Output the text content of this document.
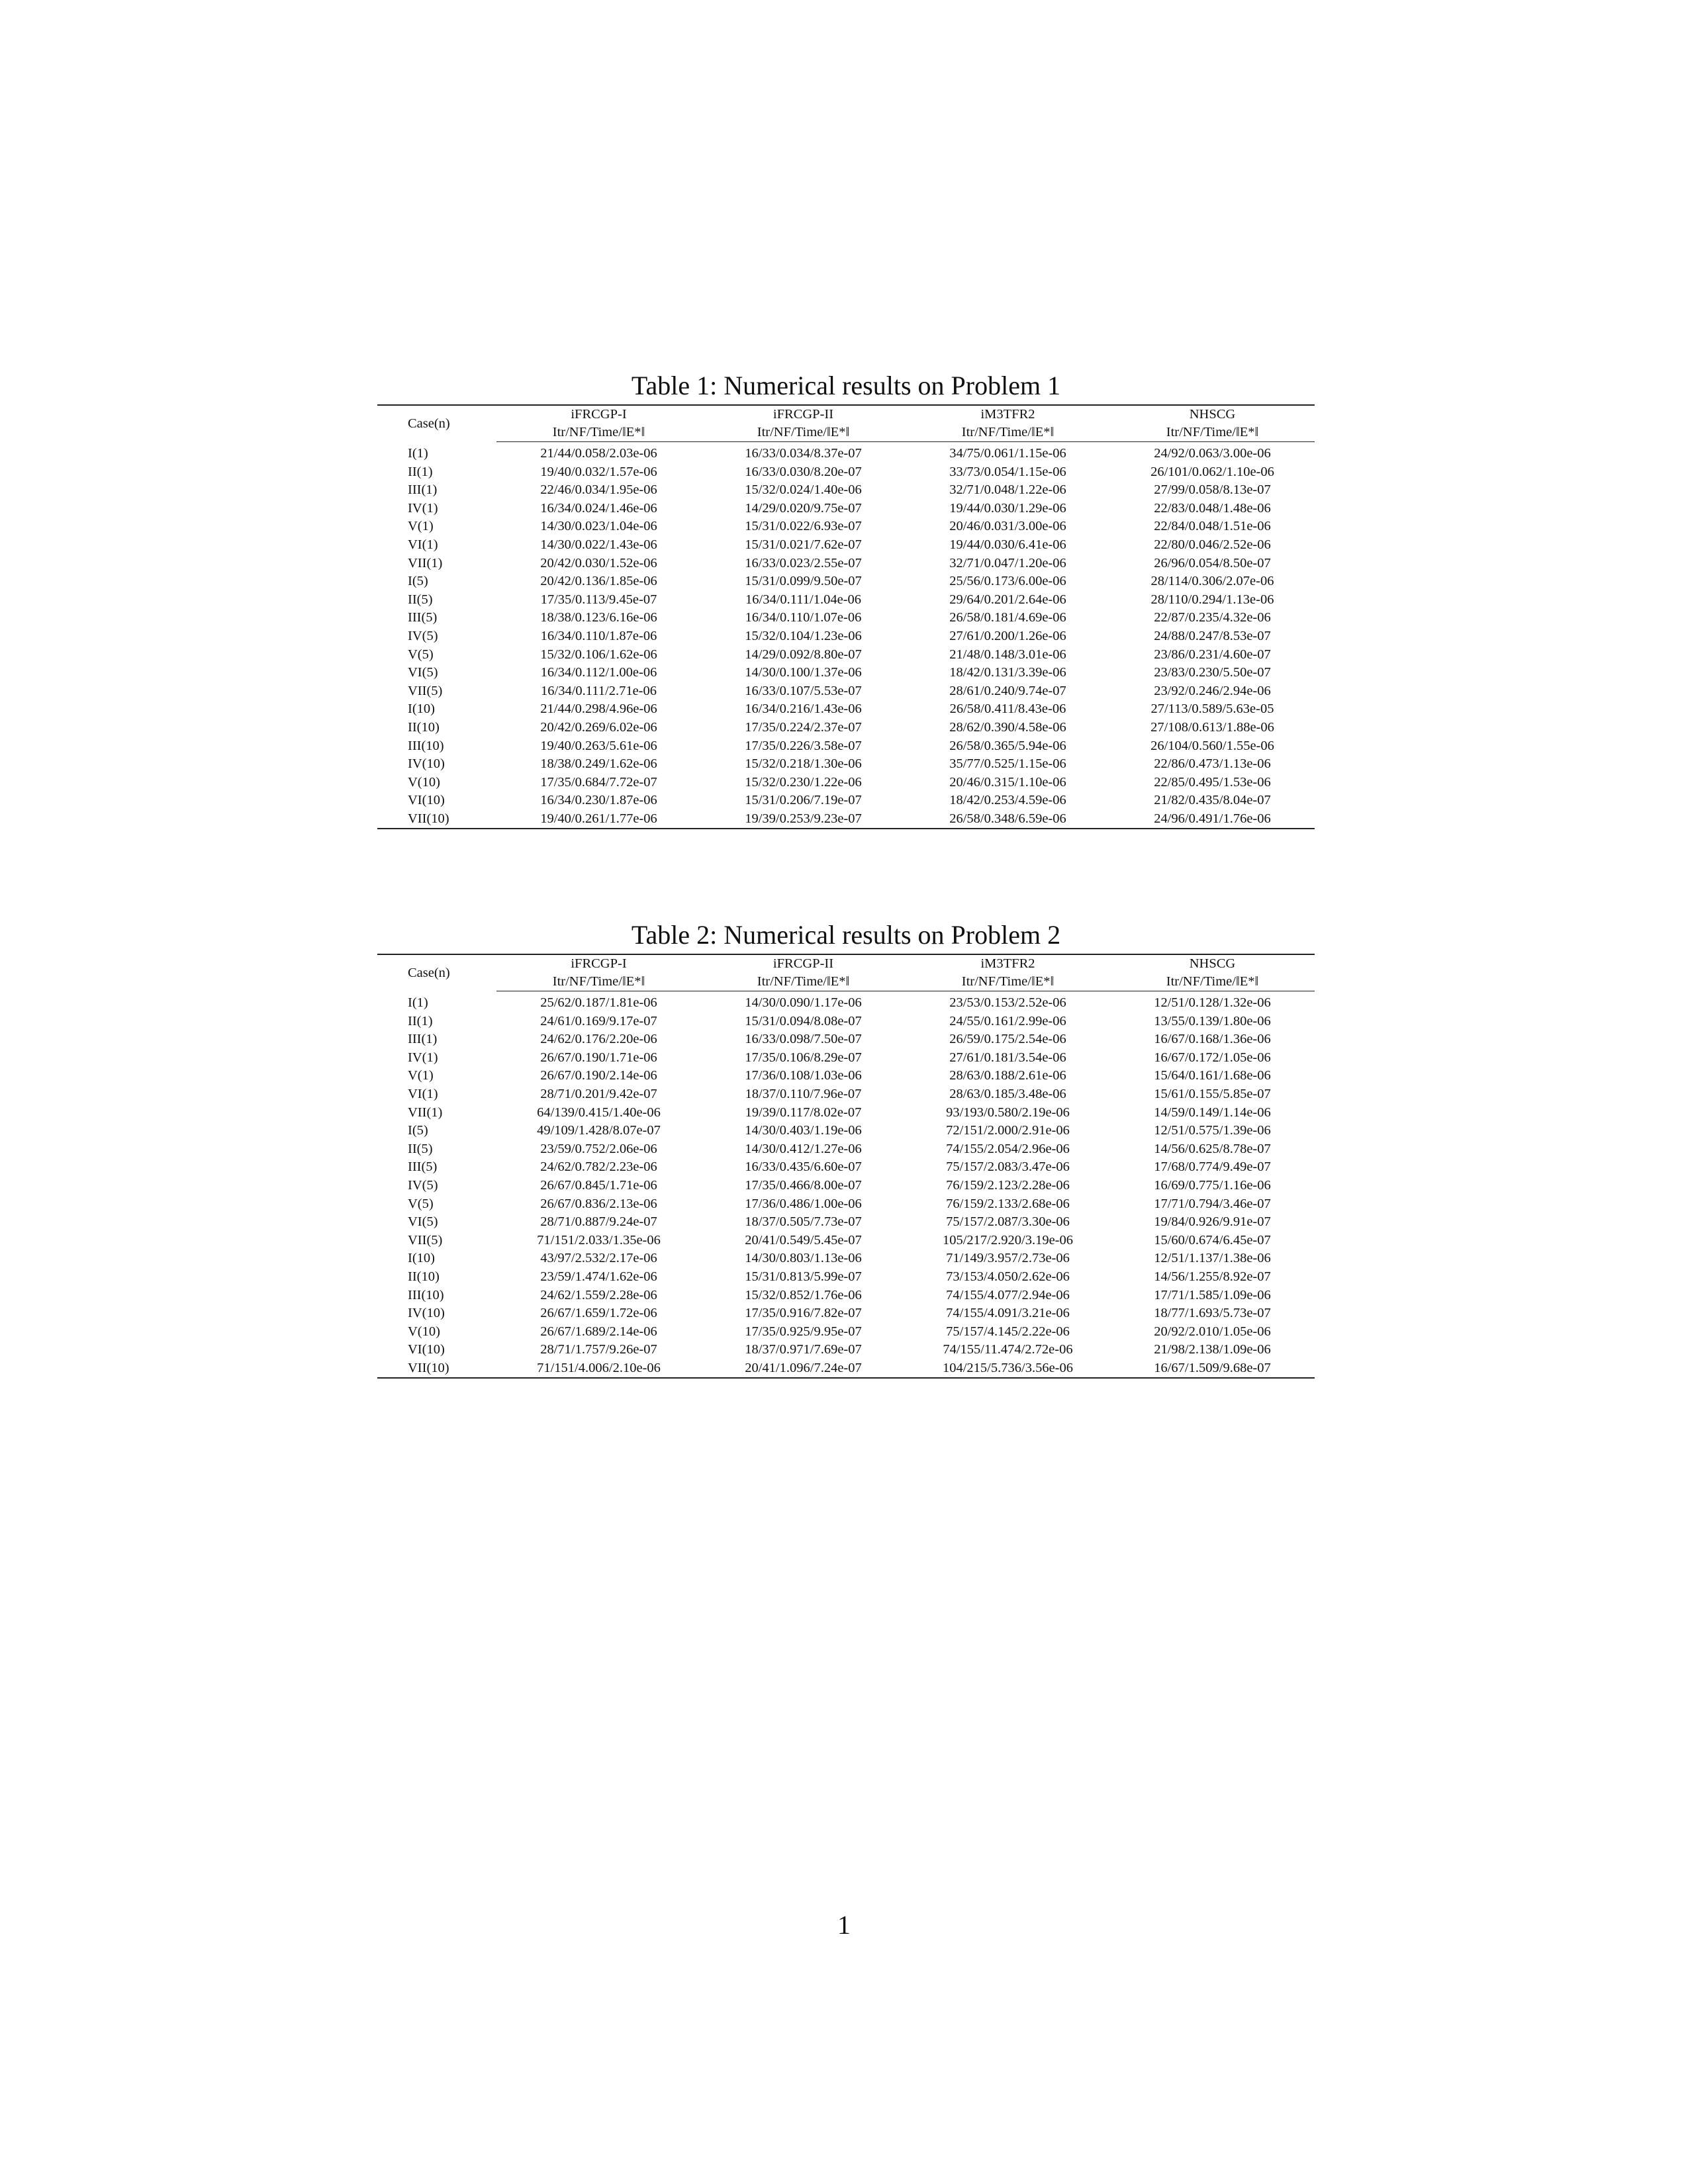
Table 1: Numerical results on Problem 1
Case(n)	iFRCGP-I	iFRCGP-II	iM3TFR2	NHSCG
	Itr/NF/Time/‖E*‖	Itr/NF/Time/‖E*‖	Itr/NF/Time/‖E*‖	Itr/NF/Time/‖E*‖
I(1)	21/44/0.058/2.03e-06	16/33/0.034/8.37e-07	34/75/0.061/1.15e-06	24/92/0.063/3.00e-06
II(1)	19/40/0.032/1.57e-06	16/33/0.030/8.20e-07	33/73/0.054/1.15e-06	26/101/0.062/1.10e-06
III(1)	22/46/0.034/1.95e-06	15/32/0.024/1.40e-06	32/71/0.048/1.22e-06	27/99/0.058/8.13e-07
IV(1)	16/34/0.024/1.46e-06	14/29/0.020/9.75e-07	19/44/0.030/1.29e-06	22/83/0.048/1.48e-06
V(1)	14/30/0.023/1.04e-06	15/31/0.022/6.93e-07	20/46/0.031/3.00e-06	22/84/0.048/1.51e-06
VI(1)	14/30/0.022/1.43e-06	15/31/0.021/7.62e-07	19/44/0.030/6.41e-06	22/80/0.046/2.52e-06
VII(1)	20/42/0.030/1.52e-06	16/33/0.023/2.55e-07	32/71/0.047/1.20e-06	26/96/0.054/8.50e-07
I(5)	20/42/0.136/1.85e-06	15/31/0.099/9.50e-07	25/56/0.173/6.00e-06	28/114/0.306/2.07e-06
II(5)	17/35/0.113/9.45e-07	16/34/0.111/1.04e-06	29/64/0.201/2.64e-06	28/110/0.294/1.13e-06
III(5)	18/38/0.123/6.16e-06	16/34/0.110/1.07e-06	26/58/0.181/4.69e-06	22/87/0.235/4.32e-06
IV(5)	16/34/0.110/1.87e-06	15/32/0.104/1.23e-06	27/61/0.200/1.26e-06	24/88/0.247/8.53e-07
V(5)	15/32/0.106/1.62e-06	14/29/0.092/8.80e-07	21/48/0.148/3.01e-06	23/86/0.231/4.60e-07
VI(5)	16/34/0.112/1.00e-06	14/30/0.100/1.37e-06	18/42/0.131/3.39e-06	23/83/0.230/5.50e-07
VII(5)	16/34/0.111/2.71e-06	16/33/0.107/5.53e-07	28/61/0.240/9.74e-07	23/92/0.246/2.94e-06
I(10)	21/44/0.298/4.96e-06	16/34/0.216/1.43e-06	26/58/0.411/8.43e-06	27/113/0.589/5.63e-05
II(10)	20/42/0.269/6.02e-06	17/35/0.224/2.37e-07	28/62/0.390/4.58e-06	27/108/0.613/1.88e-06
III(10)	19/40/0.263/5.61e-06	17/35/0.226/3.58e-07	26/58/0.365/5.94e-06	26/104/0.560/1.55e-06
IV(10)	18/38/0.249/1.62e-06	15/32/0.218/1.30e-06	35/77/0.525/1.15e-06	22/86/0.473/1.13e-06
V(10)	17/35/0.684/7.72e-07	15/32/0.230/1.22e-06	20/46/0.315/1.10e-06	22/85/0.495/1.53e-06
VI(10)	16/34/0.230/1.87e-06	15/31/0.206/7.19e-07	18/42/0.253/4.59e-06	21/82/0.435/8.04e-07
VII(10)	19/40/0.261/1.77e-06	19/39/0.253/9.23e-07	26/58/0.348/6.59e-06	24/96/0.491/1.76e-06
Table 2: Numerical results on Problem 2
Case(n)	iFRCGP-I	iFRCGP-II	iM3TFR2	NHSCG
	Itr/NF/Time/‖E*‖	Itr/NF/Time/‖E*‖	Itr/NF/Time/‖E*‖	Itr/NF/Time/‖E*‖
I(1)	25/62/0.187/1.81e-06	14/30/0.090/1.17e-06	23/53/0.153/2.52e-06	12/51/0.128/1.32e-06
II(1)	24/61/0.169/9.17e-07	15/31/0.094/8.08e-07	24/55/0.161/2.99e-06	13/55/0.139/1.80e-06
III(1)	24/62/0.176/2.20e-06	16/33/0.098/7.50e-07	26/59/0.175/2.54e-06	16/67/0.168/1.36e-06
IV(1)	26/67/0.190/1.71e-06	17/35/0.106/8.29e-07	27/61/0.181/3.54e-06	16/67/0.172/1.05e-06
V(1)	26/67/0.190/2.14e-06	17/36/0.108/1.03e-06	28/63/0.188/2.61e-06	15/64/0.161/1.68e-06
VI(1)	28/71/0.201/9.42e-07	18/37/0.110/7.96e-07	28/63/0.185/3.48e-06	15/61/0.155/5.85e-07
VII(1)	64/139/0.415/1.40e-06	19/39/0.117/8.02e-07	93/193/0.580/2.19e-06	14/59/0.149/1.14e-06
I(5)	49/109/1.428/8.07e-07	14/30/0.403/1.19e-06	72/151/2.000/2.91e-06	12/51/0.575/1.39e-06
II(5)	23/59/0.752/2.06e-06	14/30/0.412/1.27e-06	74/155/2.054/2.96e-06	14/56/0.625/8.78e-07
III(5)	24/62/0.782/2.23e-06	16/33/0.435/6.60e-07	75/157/2.083/3.47e-06	17/68/0.774/9.49e-07
IV(5)	26/67/0.845/1.71e-06	17/35/0.466/8.00e-07	76/159/2.123/2.28e-06	16/69/0.775/1.16e-06
V(5)	26/67/0.836/2.13e-06	17/36/0.486/1.00e-06	76/159/2.133/2.68e-06	17/71/0.794/3.46e-07
VI(5)	28/71/0.887/9.24e-07	18/37/0.505/7.73e-07	75/157/2.087/3.30e-06	19/84/0.926/9.91e-07
VII(5)	71/151/2.033/1.35e-06	20/41/0.549/5.45e-07	105/217/2.920/3.19e-06	15/60/0.674/6.45e-07
I(10)	43/97/2.532/2.17e-06	14/30/0.803/1.13e-06	71/149/3.957/2.73e-06	12/51/1.137/1.38e-06
II(10)	23/59/1.474/1.62e-06	15/31/0.813/5.99e-07	73/153/4.050/2.62e-06	14/56/1.255/8.92e-07
III(10)	24/62/1.559/2.28e-06	15/32/0.852/1.76e-06	74/155/4.077/2.94e-06	17/71/1.585/1.09e-06
IV(10)	26/67/1.659/1.72e-06	17/35/0.916/7.82e-07	74/155/4.091/3.21e-06	18/77/1.693/5.73e-07
V(10)	26/67/1.689/2.14e-06	17/35/0.925/9.95e-07	75/157/4.145/2.22e-06	20/92/2.010/1.05e-06
VI(10)	28/71/1.757/9.26e-07	18/37/0.971/7.69e-07	74/155/11.474/2.72e-06	21/98/2.138/1.09e-06
VII(10)	71/151/4.006/2.10e-06	20/41/1.096/7.24e-07	104/215/5.736/3.56e-06	16/67/1.509/9.68e-07
1
